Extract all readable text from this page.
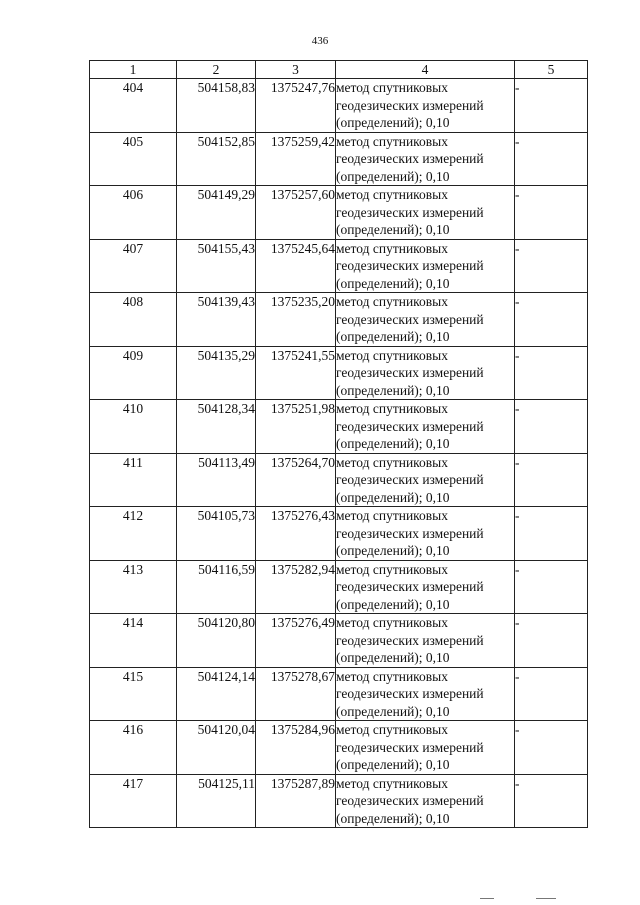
436
1	2	3	4	5
404	504158,83	1375247,76	метод спутниковых
геодезических измерений
(определений); 0,10	-
405	504152,85	1375259,42	метод спутниковых
геодезических измерений
(определений); 0,10	-
406	504149,29	1375257,60	метод спутниковых
геодезических измерений
(определений); 0,10	-
407	504155,43	1375245,64	метод спутниковых
геодезических измерений
(определений); 0,10	-
408	504139,43	1375235,20	метод спутниковых
геодезических измерений
(определений); 0,10	-
409	504135,29	1375241,55	метод спутниковых
геодезических измерений
(определений); 0,10	-
410	504128,34	1375251,98	метод спутниковых
геодезических измерений
(определений); 0,10	-
411	504113,49	1375264,70	метод спутниковых
геодезических измерений
(определений); 0,10	-
412	504105,73	1375276,43	метод спутниковых
геодезических измерений
(определений); 0,10	-
413	504116,59	1375282,94	метод спутниковых
геодезических измерений
(определений); 0,10	-
414	504120,80	1375276,49	метод спутниковых
геодезических измерений
(определений); 0,10	-
415	504124,14	1375278,67	метод спутниковых
геодезических измерений
(определений); 0,10	-
416	504120,04	1375284,96	метод спутниковых
геодезических измерений
(определений); 0,10	-
417	504125,11	1375287,89	метод спутниковых
геодезических измерений
(определений); 0,10	-
